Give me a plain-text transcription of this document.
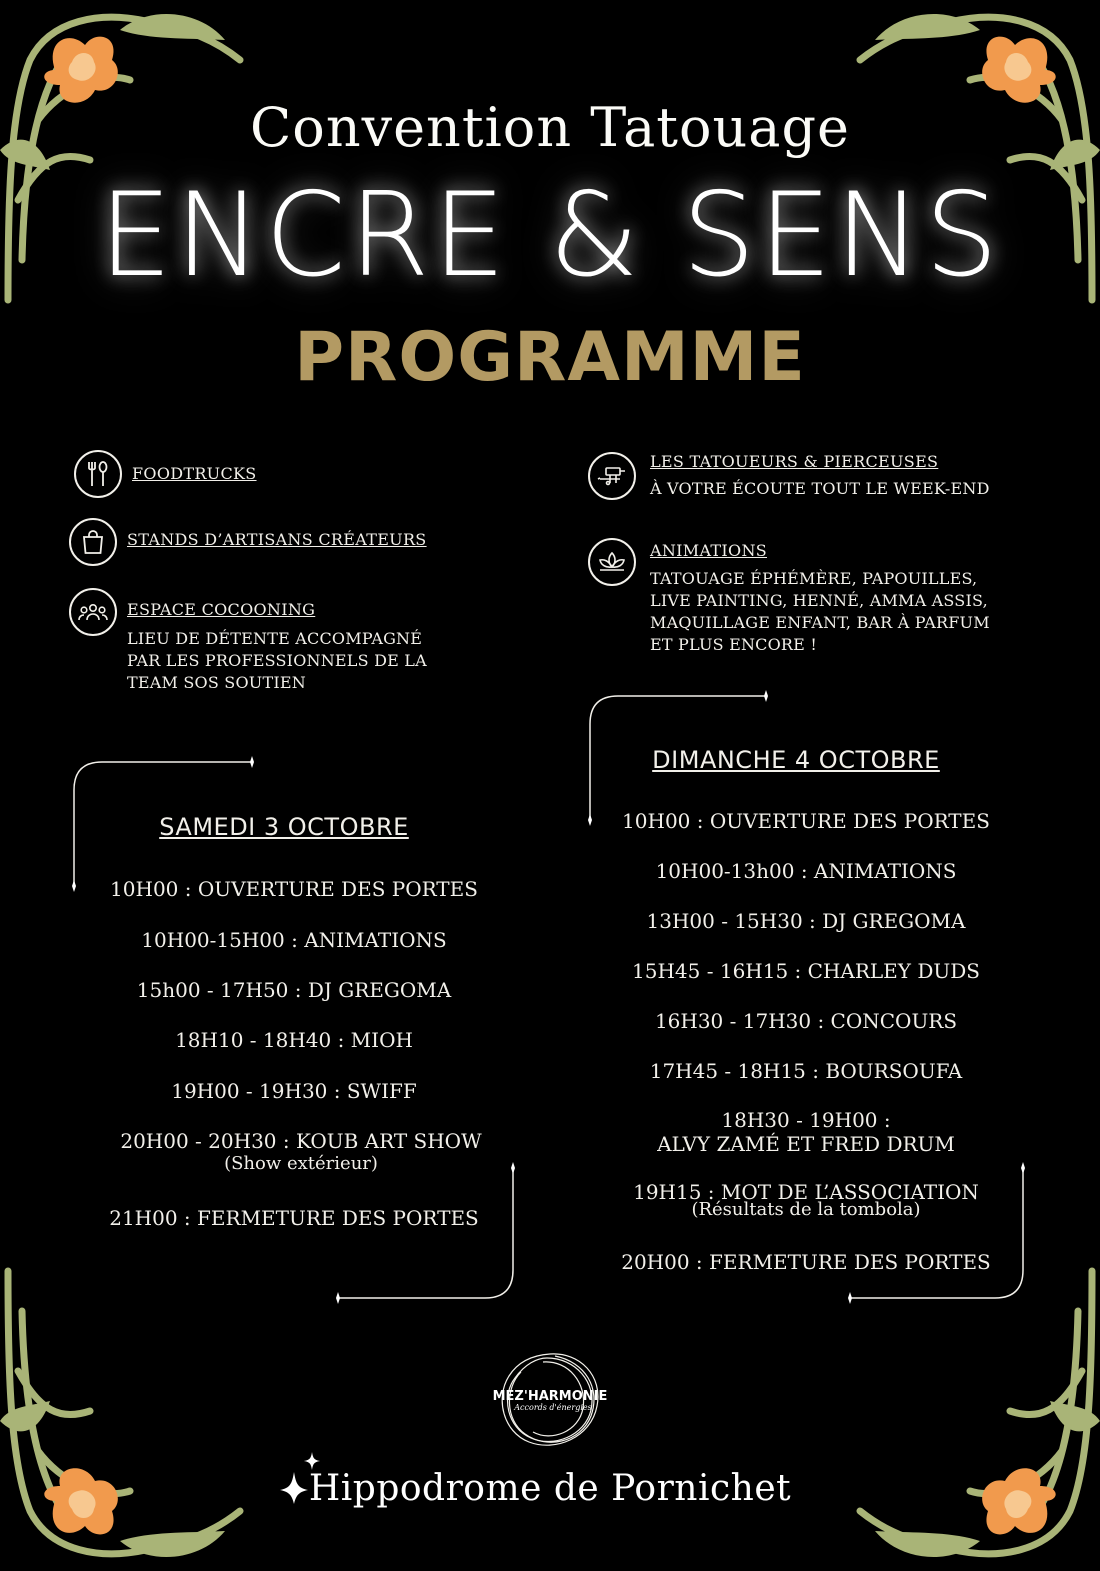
Convention Tatouage
ENCRE & SENS
PROGRAMME
FOODTRUCKS
STANDS D’ARTISANS CRÉATEURS
ESPACE COCOONING
LIEU DE DÉTENTE ACCOMPAGNÉ
PAR LES PROFESSIONNELS DE LA
TEAM SOS SOUTIEN
LES TATOUEURS & PIERCEUSES
À VOTRE ÉCOUTE TOUT LE WEEK-END
ANIMATIONS
TATOUAGE ÉPHÉMÈRE, PAPOUILLES,
LIVE PAINTING, HENNÉ, AMMA ASSIS,
MAQUILLAGE ENFANT, BAR À PARFUM
ET PLUS ENCORE !
SAMEDI 3 OCTOBRE
10H00 : OUVERTURE DES PORTES
10H00-15H00 : ANIMATIONS
15h00 - 17H50 : DJ GREGOMA
18H10 - 18H40 : MIOH
19H00 - 19H30 : SWIFF
20H00 - 20H30 : KOUB ART SHOW
(Show extérieur)
21H00 : FERMETURE DES PORTES
DIMANCHE 4 OCTOBRE
10H00 : OUVERTURE DES PORTES
10H00-13h00 : ANIMATIONS
13H00 - 15H30 : DJ GREGOMA
15H45 - 16H15 : CHARLEY DUDS
16H30 - 17H30 : CONCOURS
17H45 - 18H15 : BOURSOUFA
18H30 - 19H00 :
ALVY ZAMÉ ET FRED DRUM
19H15 : MOT DE L’ASSOCIATION
(Résultats de la tombola)
20H00 : FERMETURE DES PORTES
MEZ'HARMONIE
Accords d'énergies
Hippodrome de Pornichet
